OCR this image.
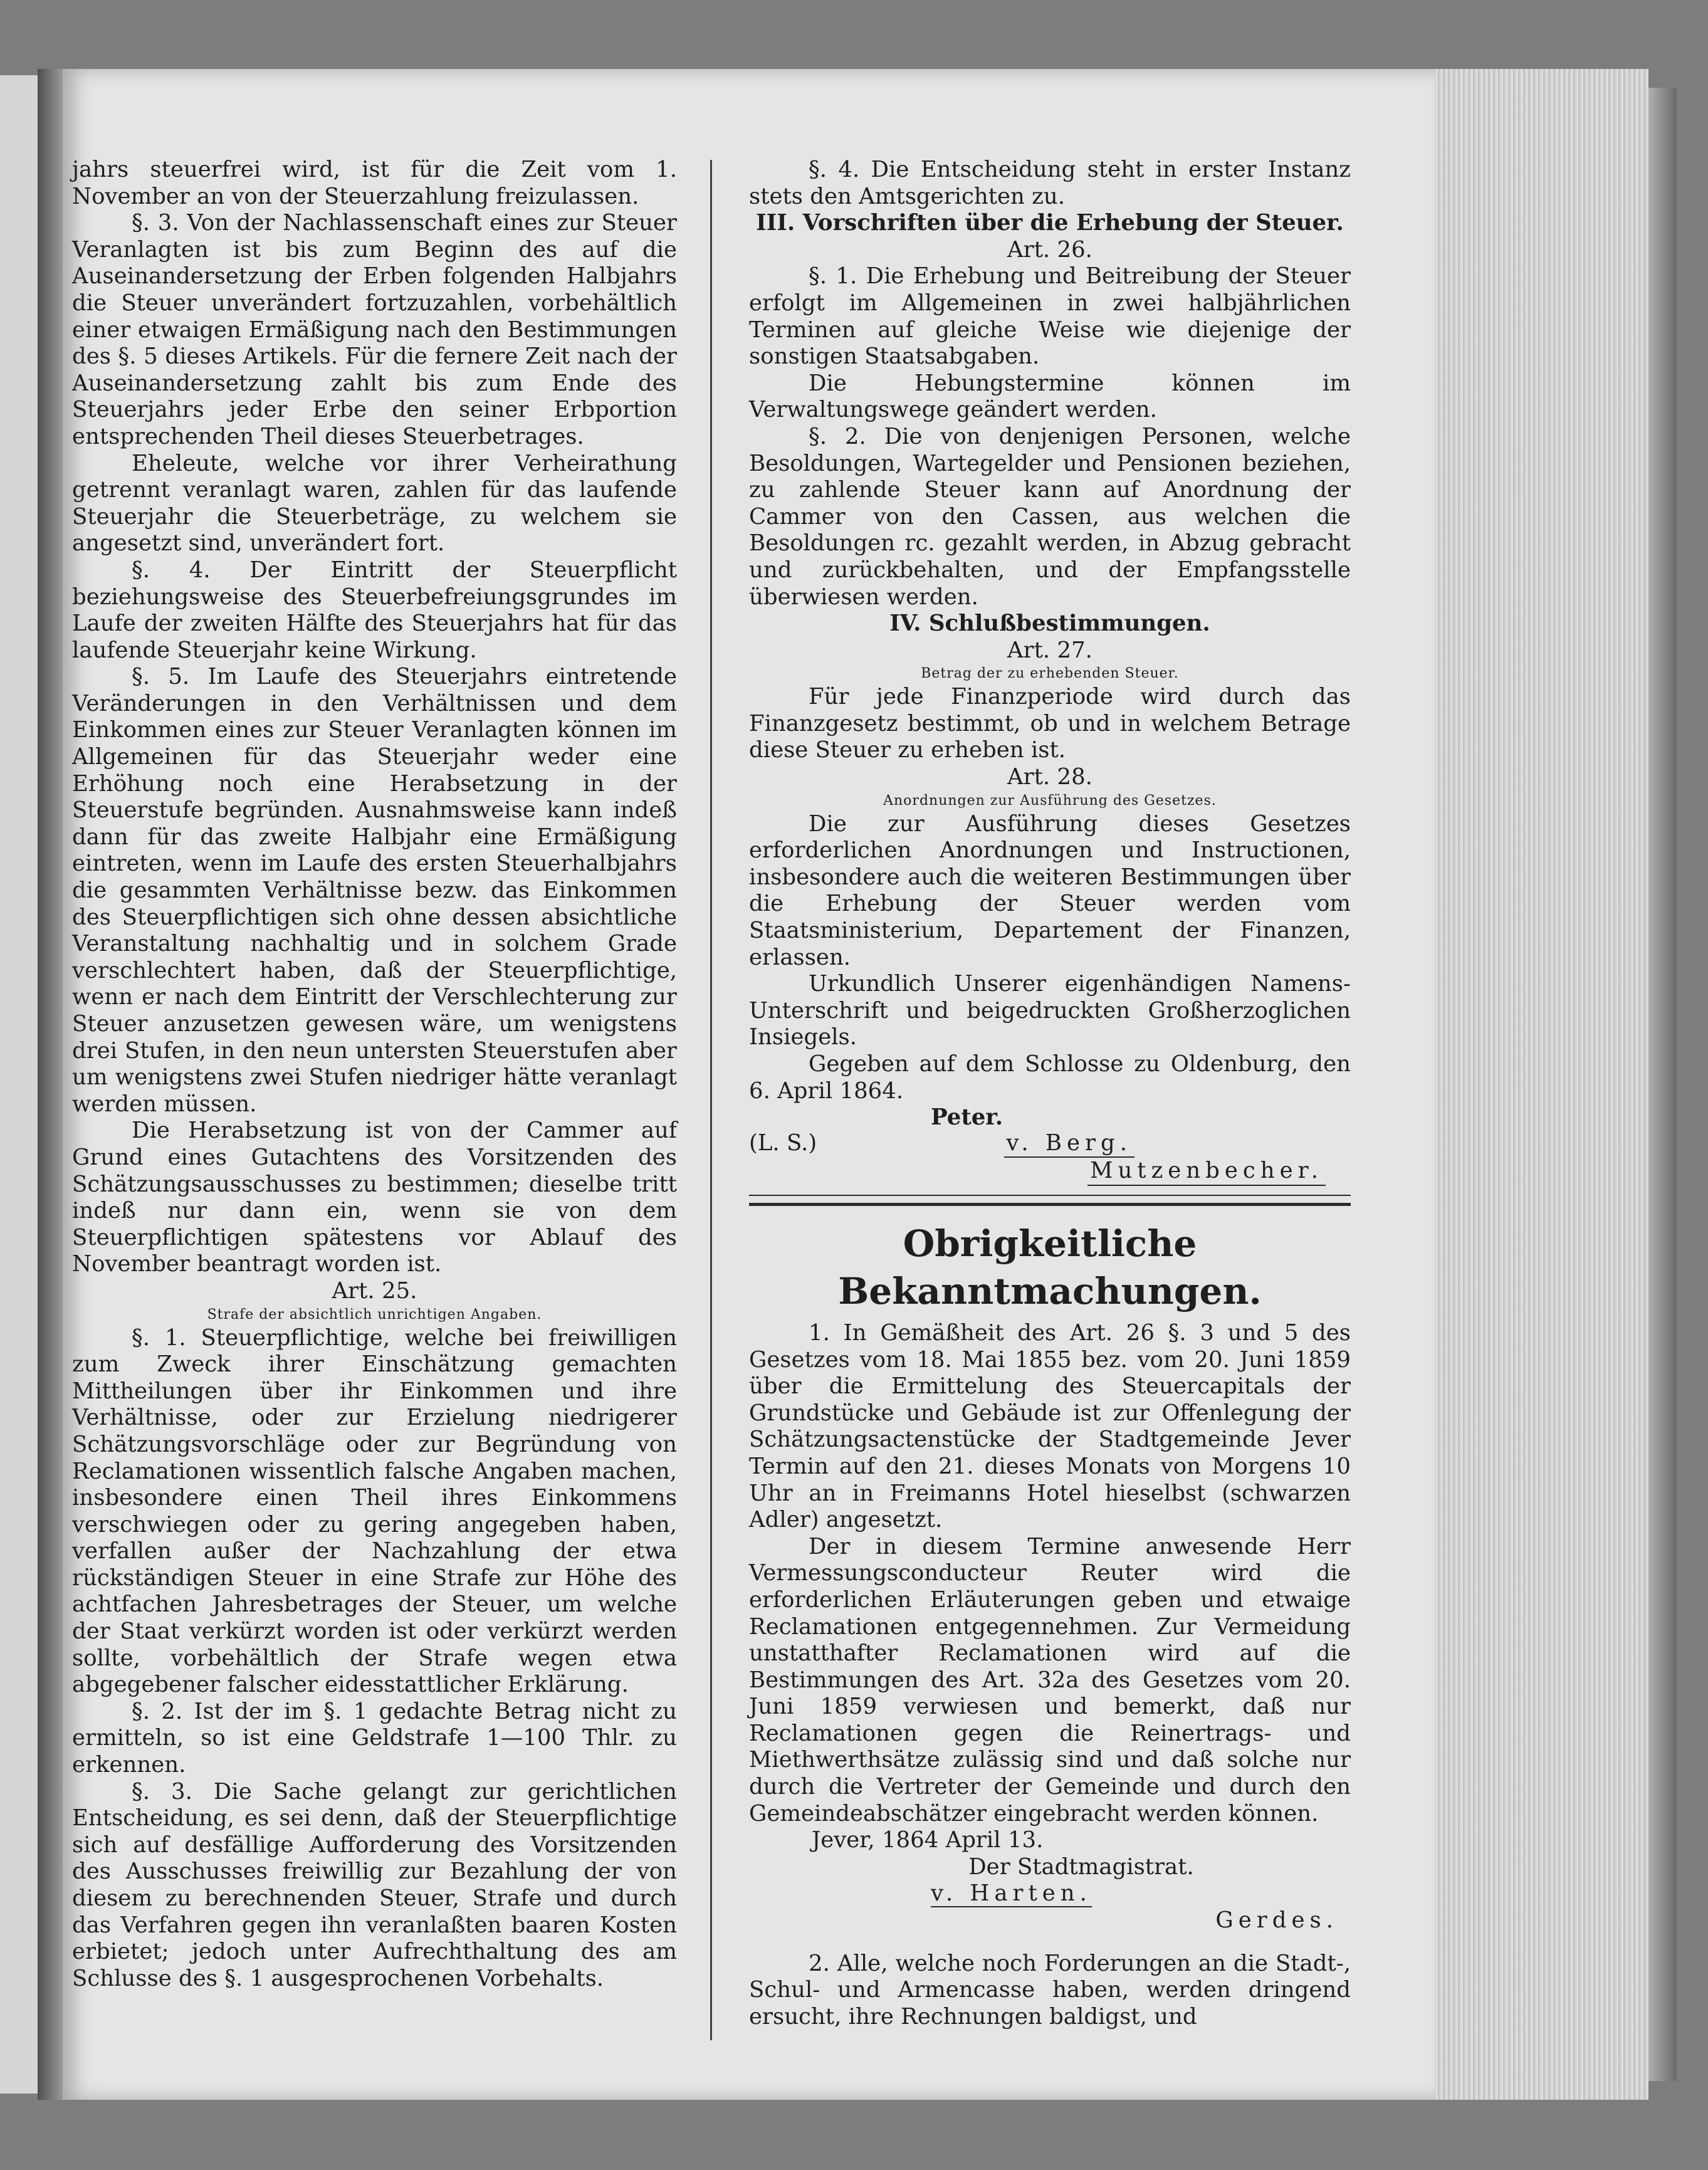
jahrs steuerfrei wird, ist für die Zeit vom 1. November an von der Steuerzahlung freizulassen.

§. 3. Von der Nachlassenschaft eines zur Steuer Veranlagten ist bis zum Beginn des auf die Auseinandersetzung der Erben folgenden Halbjahrs die Steuer unverändert fortzuzahlen, vorbehältlich einer etwaigen Ermäßigung nach den Bestimmungen des §. 5 dieses Artikels. Für die fernere Zeit nach der Auseinandersetzung zahlt bis zum Ende des Steuerjahrs jeder Erbe den seiner Erbportion entsprechenden Theil dieses Steuerbetrages.

Eheleute, welche vor ihrer Verheirathung getrennt veranlagt waren, zahlen für das laufende Steuerjahr die Steuerbeträge, zu welchem sie angesetzt sind, unverändert fort.

§. 4. Der Eintritt der Steuerpflicht beziehungsweise des Steuerbefreiungsgrundes im Laufe der zweiten Hälfte des Steuerjahrs hat für das laufende Steuerjahr keine Wirkung.

§. 5. Im Laufe des Steuerjahrs eintretende Veränderungen in den Verhältnissen und dem Einkommen eines zur Steuer Veranlagten können im Allgemeinen für das Steuerjahr weder eine Erhöhung noch eine Herabsetzung in der Steuerstufe begründen. Ausnahmsweise kann indeß dann für das zweite Halbjahr eine Ermäßigung eintreten, wenn im Laufe des ersten Steuerhalbjahrs die gesammten Verhältnisse bezw. das Einkommen des Steuerpflichtigen sich ohne dessen absichtliche Veranstaltung nachhaltig und in solchem Grade verschlechtert haben, daß der Steuerpflichtige, wenn er nach dem Eintritt der Verschlechterung zur Steuer anzusetzen gewesen wäre, um wenigstens drei Stufen, in den neun untersten Steuerstufen aber um wenigstens zwei Stufen niedriger hätte veranlagt werden müssen.

Die Herabsetzung ist von der Cammer auf Grund eines Gutachtens des Vorsitzenden des Schätzungsausschusses zu bestimmen; dieselbe tritt indeß nur dann ein, wenn sie von dem Steuerpflichtigen spätestens vor Ablauf des November beantragt worden ist.

Art. 25.

Strafe der absichtlich unrichtigen Angaben.

§. 1. Steuerpflichtige, welche bei freiwilligen zum Zweck ihrer Einschätzung gemachten Mittheilungen über ihr Einkommen und ihre Verhältnisse, oder zur Erzielung niedrigerer Schätzungsvorschläge oder zur Begründung von Reclamationen wissentlich falsche Angaben machen, insbesondere einen Theil ihres Einkommens verschwiegen oder zu gering angegeben haben, verfallen außer der Nachzahlung der etwa rückständigen Steuer in eine Strafe zur Höhe des achtfachen Jahresbetrages der Steuer, um welche der Staat verkürzt worden ist oder verkürzt werden sollte, vorbehältlich der Strafe wegen etwa abgegebener falscher eidesstattlicher Erklärung.

§. 2. Ist der im §. 1 gedachte Betrag nicht zu ermitteln, so ist eine Geldstrafe 1—100 Thlr. zu erkennen.

§. 3. Die Sache gelangt zur gerichtlichen Entscheidung, es sei denn, daß der Steuerpflichtige sich auf desfällige Aufforderung des Vorsitzenden des Ausschusses freiwillig zur Bezahlung der von diesem zu berechnenden Steuer, Strafe und durch das Verfahren gegen ihn veranlaßten baaren Kosten erbietet; jedoch unter Aufrechthaltung des am Schlusse des §. 1 ausgesprochenen Vorbehalts.

§. 4. Die Entscheidung steht in erster Instanz stets den Amtsgerichten zu.

III. Vorschriften über die Erhebung der Steuer.

Art. 26.

§. 1. Die Erhebung und Beitreibung der Steuer erfolgt im Allgemeinen in zwei halbjährlichen Terminen auf gleiche Weise wie diejenige der sonstigen Staatsabgaben.

Die Hebungstermine können im Verwaltungswege geändert werden.

§. 2. Die von denjenigen Personen, welche Besoldungen, Wartegelder und Pensionen beziehen, zu zahlende Steuer kann auf Anordnung der Cammer von den Cassen, aus welchen die Besoldungen rc. gezahlt werden, in Abzug gebracht und zurückbehalten, und der Empfangsstelle überwiesen werden.

IV. Schlußbestimmungen.

Art. 27.

Betrag der zu erhebenden Steuer.

Für jede Finanzperiode wird durch das Finanzgesetz bestimmt, ob und in welchem Betrage diese Steuer zu erheben ist.

Art. 28.

Anordnungen zur Ausführung des Gesetzes.

Die zur Ausführung dieses Gesetzes erforderlichen Anordnungen und Instructionen, insbesondere auch die weiteren Bestimmungen über die Erhebung der Steuer werden vom Staatsministerium, Departement der Finanzen, erlassen.

Urkundlich Unserer eigenhändigen Namens-Unterschrift und beigedruckten Großherzoglichen Insiegels.

Gegeben auf dem Schlosse zu Oldenburg, den 6. April 1864.

Peter.

(L. S.)	v. Berg.
Mutzenbecher.
Obrigkeitliche Bekanntmachungen.

1. In Gemäßheit des Art. 26 §. 3 und 5 des Gesetzes vom 18. Mai 1855 bez. vom 20. Juni 1859 über die Ermittelung des Steuercapitals der Grundstücke und Gebäude ist zur Offenlegung der Schätzungsactenstücke der Stadtgemeinde Jever Termin auf den 21. dieses Monats von Morgens 10 Uhr an in Freimanns Hotel hieselbst (schwarzen Adler) angesetzt.

Der in diesem Termine anwesende Herr Vermessungsconducteur Reuter wird die erforderlichen Erläuterungen geben und etwaige Reclamationen entgegennehmen. Zur Vermeidung unstatthafter Reclamationen wird auf die Bestimmungen des Art. 32a des Gesetzes vom 20. Juni 1859 verwiesen und bemerkt, daß nur Reclamationen gegen die Reinertrags- und Miethwerthsätze zulässig sind und daß solche nur durch die Vertreter der Gemeinde und durch den Gemeindeabschätzer eingebracht werden können.

Jever, 1864 April 13.

Der Stadtmagistrat.

v. Harten.

Gerdes.

2. Alle, welche noch Forderungen an die Stadt-, Schul- und Armencasse haben, werden dringend ersucht, ihre Rechnungen baldigst, und
